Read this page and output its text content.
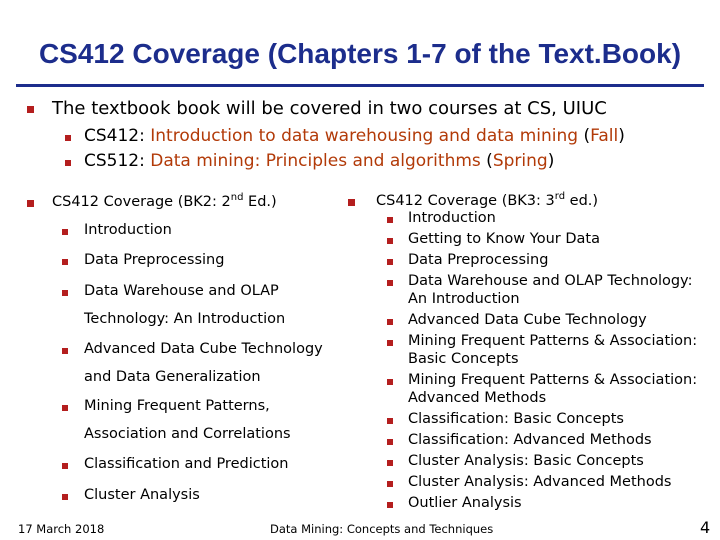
CS412 Coverage (Chapters 1-7 of the Text.Book)
The textbook book will be covered in two courses at CS, UIUC
CS412: Introduction to data warehousing and data mining (Fall)
CS512: Data mining: Principles and algorithms (Spring)
CS412 Coverage (BK2: 2nd Ed.)
Introduction
Data Preprocessing
Data Warehouse and OLAP
Technology: An Introduction
Advanced Data Cube Technology
and Data Generalization
Mining Frequent Patterns,
Association and Correlations
Classification and Prediction
Cluster Analysis
CS412 Coverage (BK3: 3rd ed.)
Introduction
Getting to Know Your Data
Data Preprocessing
Data Warehouse and OLAP Technology:
An Introduction
Advanced Data Cube Technology
Mining Frequent Patterns & Association:
Basic Concepts
Mining Frequent Patterns & Association:
Advanced Methods
Classification: Basic Concepts
Classification: Advanced Methods
Cluster Analysis: Basic Concepts
Cluster Analysis: Advanced Methods
Outlier Analysis
17 March 2018	Data Mining: Concepts and Techniques	4
